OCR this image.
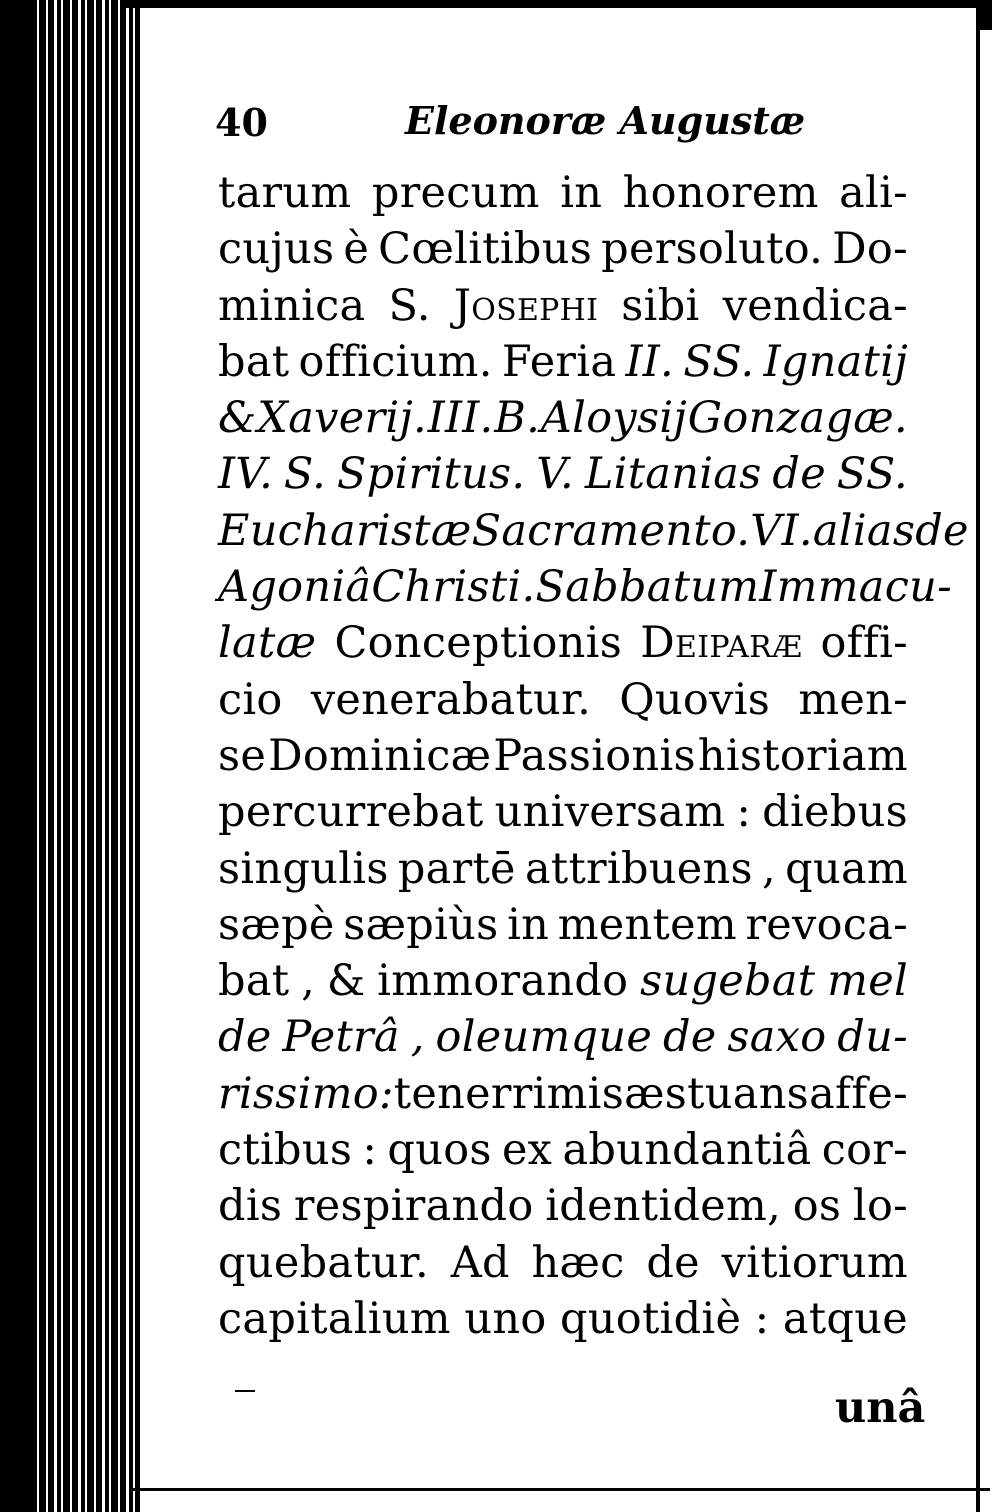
40	Eleonoræ Augustæ
tarum precum in honorem ali-
cujus è Cœlitibus persoluto. Do-
minica S. Josephi sibi vendica-
bat officium. Feria II. SS. Ignatij
& Xaverij. III. B. Aloysij Gonzagæ.
IV. S. Spiritus. V. Litanias de SS.
Eucharistæ Sacramento. VI. alias de
Agoniâ Christi. Sabbatum Immacu-
latæ Conceptionis Deiparæ offi-
cio venerabatur. Quovis men-
se Dominicæ Passionis historiam
percurrebat universam : diebus
singulis partē attribuens , quam
sæpè sæpiùs in mentem revoca-
bat , & immorando sugebat mel
de Petrâ , oleumque de saxo du-
rissimo : tenerrimis æstuans affe-
ctibus : quos ex abundantiâ cor-
dis respirando identidem, os lo-
quebatur. Ad hæc de vitiorum
capitalium uno quotidiè : atque
unâ
